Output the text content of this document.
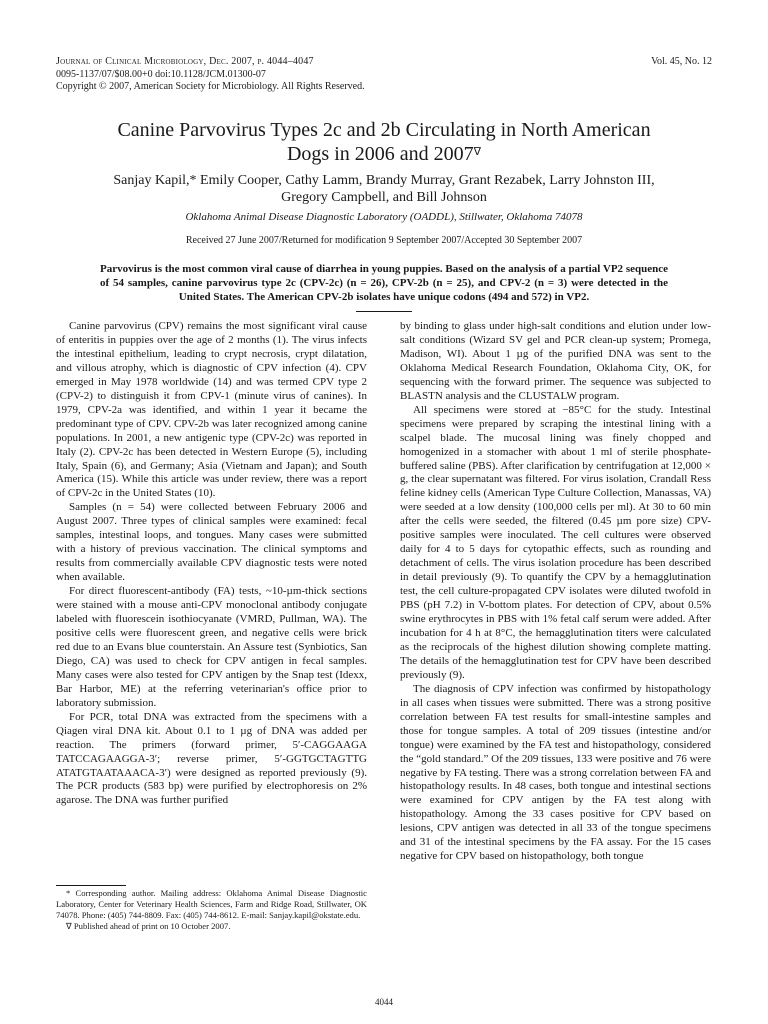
Journal of Clinical Microbiology, Dec. 2007, p. 4044–4047
0095-1137/07/$08.00+0 doi:10.1128/JCM.01300-07
Copyright © 2007, American Society for Microbiology. All Rights Reserved.
Vol. 45, No. 12
Canine Parvovirus Types 2c and 2b Circulating in North American
Dogs in 2006 and 2007∇
Sanjay Kapil,* Emily Cooper, Cathy Lamm, Brandy Murray, Grant Rezabek, Larry Johnston III,
Gregory Campbell, and Bill Johnson
Oklahoma Animal Disease Diagnostic Laboratory (OADDL), Stillwater, Oklahoma 74078
Received 27 June 2007/Returned for modification 9 September 2007/Accepted 30 September 2007
Parvovirus is the most common viral cause of diarrhea in young puppies. Based on the analysis of a partial VP2 sequence of 54 samples, canine parvovirus type 2c (CPV-2c) (n = 26), CPV-2b (n = 25), and CPV-2 (n = 3) were detected in the United States. The American CPV-2b isolates have unique codons (494 and 572) in VP2.

Canine parvovirus (CPV) remains the most significant viral cause of enteritis in puppies over the age of 2 months (1). The virus infects the intestinal epithelium, leading to crypt necrosis, crypt dilatation, and villous atrophy, which is diagnostic of CPV infection (4). CPV emerged in May 1978 worldwide (14) and was termed CPV type 2 (CPV-2) to distinguish it from CPV-1 (minute virus of canines). In 1979, CPV-2a was identified, and within 1 year it became the predominant type of CPV. CPV-2b was later recognized among canine populations. In 2001, a new antigenic type (CPV-2c) was reported in Italy (2). CPV-2c has been detected in Western Europe (5), including Italy, Spain (6), and Germany; Asia (Vietnam and Japan); and South America (15). While this article was under review, there was a report of CPV-2c in the United States (10).

Samples (n = 54) were collected between February 2006 and August 2007. Three types of clinical samples were examined: fecal samples, intestinal loops, and tongues. Many cases were submitted with a history of previous vaccination. The clinical symptoms and results from commercially available CPV diagnostic tests were noted when available.

For direct fluorescent-antibody (FA) tests, ~10-µm-thick sections were stained with a mouse anti-CPV monoclonal antibody conjugate labeled with fluorescein isothiocyanate (VMRD, Pullman, WA). The positive cells were fluorescent green, and negative cells were brick red due to an Evans blue counterstain. An Assure test (Synbiotics, San Diego, CA) was used to check for CPV antigen in fecal samples. Many cases were also tested for CPV antigen by the Snap test (Idexx, Bar Harbor, ME) at the referring veterinarian's office prior to laboratory submission.

For PCR, total DNA was extracted from the specimens with a Qiagen viral DNA kit. About 0.1 to 1 µg of DNA was added per reaction. The primers (forward primer, 5′-CAGGAAGA TATCCAGAAGGA-3′; reverse primer, 5′-GGTGCTAGTTG ATATGTAATAAACA-3′) were designed as reported previously (9). The PCR products (583 bp) were purified by electrophoresis on 2% agarose. The DNA was further purified

by binding to glass under high-salt conditions and elution under low-salt conditions (Wizard SV gel and PCR clean-up system; Promega, Madison, WI). About 1 µg of the purified DNA was sent to the Oklahoma Medical Research Foundation, Oklahoma City, OK, for sequencing with the forward primer. The sequence was subjected to BLASTN analysis and the CLUSTALW program.

All specimens were stored at −85°C for the study. Intestinal specimens were prepared by scraping the intestinal lining with a scalpel blade. The mucosal lining was finely chopped and homogenized in a stomacher with about 1 ml of sterile phosphate-buffered saline (PBS). After clarification by centrifugation at 12,000 × g, the clear supernatant was filtered. For virus isolation, Crandall Ress feline kidney cells (American Type Culture Collection, Manassas, VA) were seeded at a low density (100,000 cells per ml). At 30 to 60 min after the cells were seeded, the filtered (0.45 µm pore size) CPV-positive samples were inoculated. The cell cultures were observed daily for 4 to 5 days for cytopathic effects, such as rounding and detachment of cells. The virus isolation procedure has been described in detail previously (9). To quantify the CPV by a hemagglutination test, the cell culture-propagated CPV isolates were diluted twofold in PBS (pH 7.2) in V-bottom plates. For detection of CPV, about 0.5% swine erythrocytes in PBS with 1% fetal calf serum were added. After incubation for 4 h at 8°C, the hemagglutination titers were calculated as the reciprocals of the highest dilution showing complete matting. The details of the hemagglutination test for CPV have been described previously (9).

The diagnosis of CPV infection was confirmed by histopathology in all cases when tissues were submitted. There was a strong positive correlation between FA test results for small-intestine samples and those for tongue samples. A total of 209 tissues (intestine and/or tongue) were examined by the FA test and histopathology, considered the “gold standard.” Of the 209 tissues, 133 were positive and 76 were negative by FA testing. There was a strong correlation between FA and histopathology results. In 48 cases, both tongue and intestinal sections were examined for CPV antigen by the FA test along with histopathology. Among the 33 cases positive for CPV based on lesions, CPV antigen was detected in all 33 of the tongue specimens and 31 of the intestinal specimens by the FA assay. For the 15 cases negative for CPV based on histopathology, both tongue

* Corresponding author. Mailing address: Oklahoma Animal Disease Diagnostic Laboratory, Center for Veterinary Health Sciences, Farm and Ridge Road, Stillwater, OK 74078. Phone: (405) 744-8809. Fax: (405) 744-8612. E-mail: Sanjay.kapil@okstate.edu.

∇ Published ahead of print on 10 October 2007.

4044
